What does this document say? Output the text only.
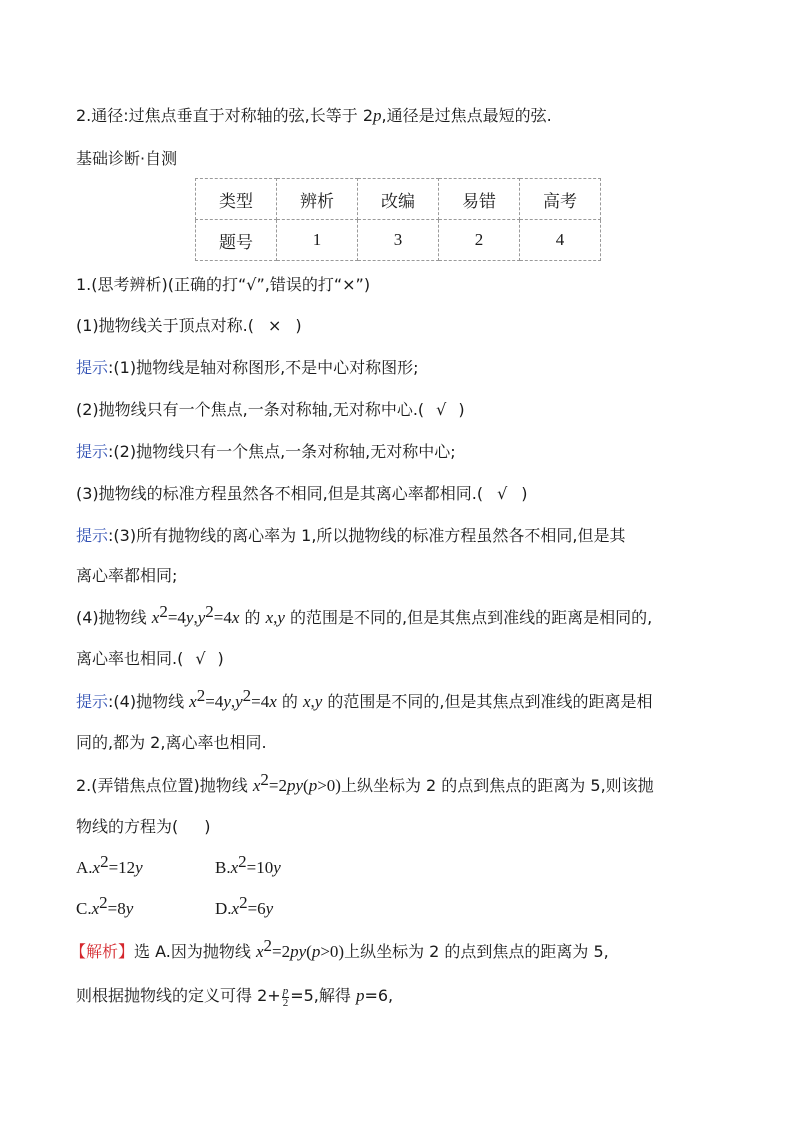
2.通径:过焦点垂直于对称轴的弦,长等于 2p,通径是过焦点最短的弦.
基础诊断·自测
类型	辨析	改编	易错	高考
题号	1	3	2	4
1.(思考辨析)(正确的打“√”,错误的打“×”)
(1)抛物线关于顶点对称.( × )
提示:(1)抛物线是轴对称图形,不是中心对称图形;
(2)抛物线只有一个焦点,一条对称轴,无对称中心.( √ )
提示:(2)抛物线只有一个焦点,一条对称轴,无对称中心;
(3)抛物线的标准方程虽然各不相同,但是其离心率都相同.( √ )
提示:(3)所有抛物线的离心率为 1,所以抛物线的标准方程虽然各不相同,但是其
离心率都相同;
(4)抛物线 $x^2=4y,y^2=4x$ 的 x,y 的范围是不同的,但是其焦点到准线的距离是相同的,
离心率也相同.( √ )
提示:(4)抛物线 $x^2=4y,y^2=4x$ 的 x,y 的范围是不同的,但是其焦点到准线的距离是相
同的,都为 2,离心率也相同.
2.(弄错焦点位置)抛物线 $x^2=2py(p>0)$上纵坐标为 2 的点到焦点的距离为 5,则该抛
物线的方程为( )
$A.x^2=12y$	$B.x^2=10y$
$C.x^2=8y$	$D.x^2=6y$
【解析】选 A.因为抛物线 $x^2=2py(p>0)$上纵坐标为 2 的点到焦点的距离为 5,
则根据抛物线的定义可得 $2+ \frac{p}{2} =5$,解得 p=6,
